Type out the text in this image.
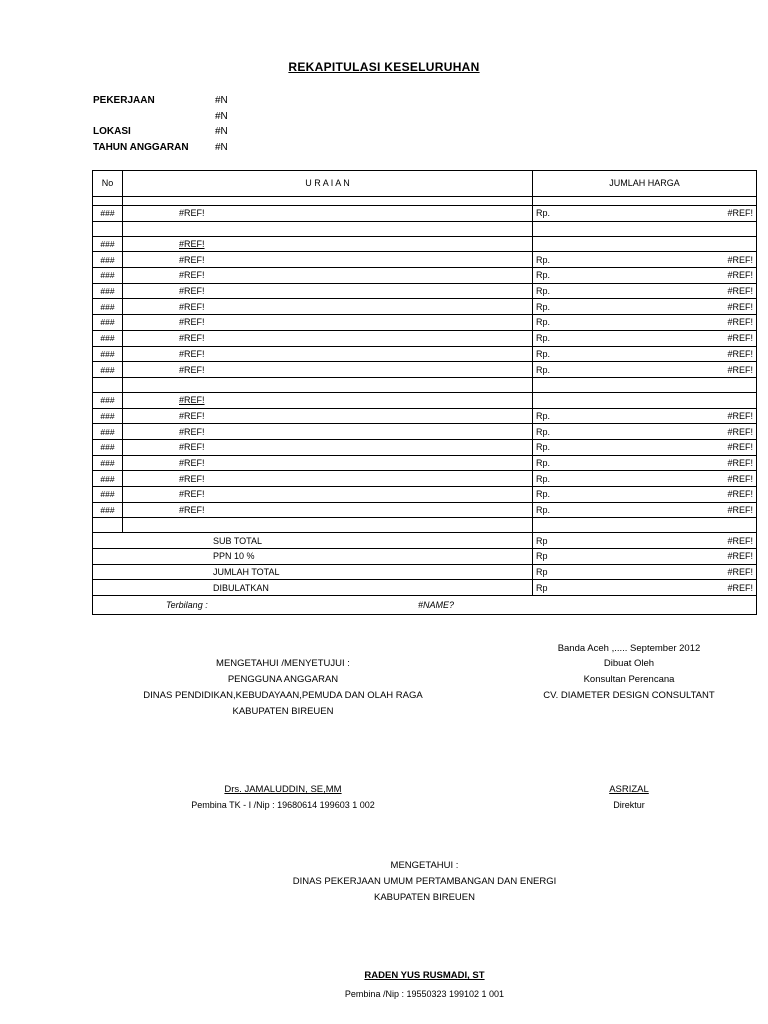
REKAPITULASI KESELURUHAN
PEKERJAAN	#N
#N
LOKASI	#N
TAHUN ANGGARAN	#N
No	U R A I A N	JUMLAH HARGA

###	#REF!	Rp. #REF!

###	#REF!	
###	#REF!	Rp. #REF!

###	#REF!	Rp. #REF!

###	#REF!	Rp. #REF!

###	#REF!	Rp. #REF!

###	#REF!	Rp. #REF!

###	#REF!	Rp. #REF!

###	#REF!	Rp. #REF!

###	#REF!	Rp. #REF!

###	#REF!	
###	#REF!	Rp. #REF!

###	#REF!	Rp. #REF!

###	#REF!	Rp. #REF!

###	#REF!	Rp. #REF!

###	#REF!	Rp. #REF!

###	#REF!	Rp. #REF!

###	#REF!	Rp. #REF!

SUB TOTAL		Rp #REF!

PPN 10 %		Rp #REF!

JUMLAH TOTAL		Rp #REF!

DIBULATKAN		Rp #REF!

Terbilang : #NAME?		
Banda Aceh ,..... September 2012
MENGETAHUI /MENYETUJUI :
PENGGUNA ANGGARAN
DINAS PENDIDIKAN,KEBUDAYAAN,PEMUDA DAN OLAH RAGA
KABUPATEN BIREUEN
Dibuat Oleh
Konsultan Perencana
CV. DIAMETER DESIGN CONSULTANT
Drs. JAMALUDDIN, SE,MM
Pembina TK - I /Nip : 19680614 199603 1 002
ASRIZAL
Direktur
MENGETAHUI :
DINAS PEKERJAAN UMUM PERTAMBANGAN DAN ENERGI
KABUPATEN BIREUEN
RADEN YUS RUSMADI, ST
Pembina /Nip : 19550323 199102 1 001
